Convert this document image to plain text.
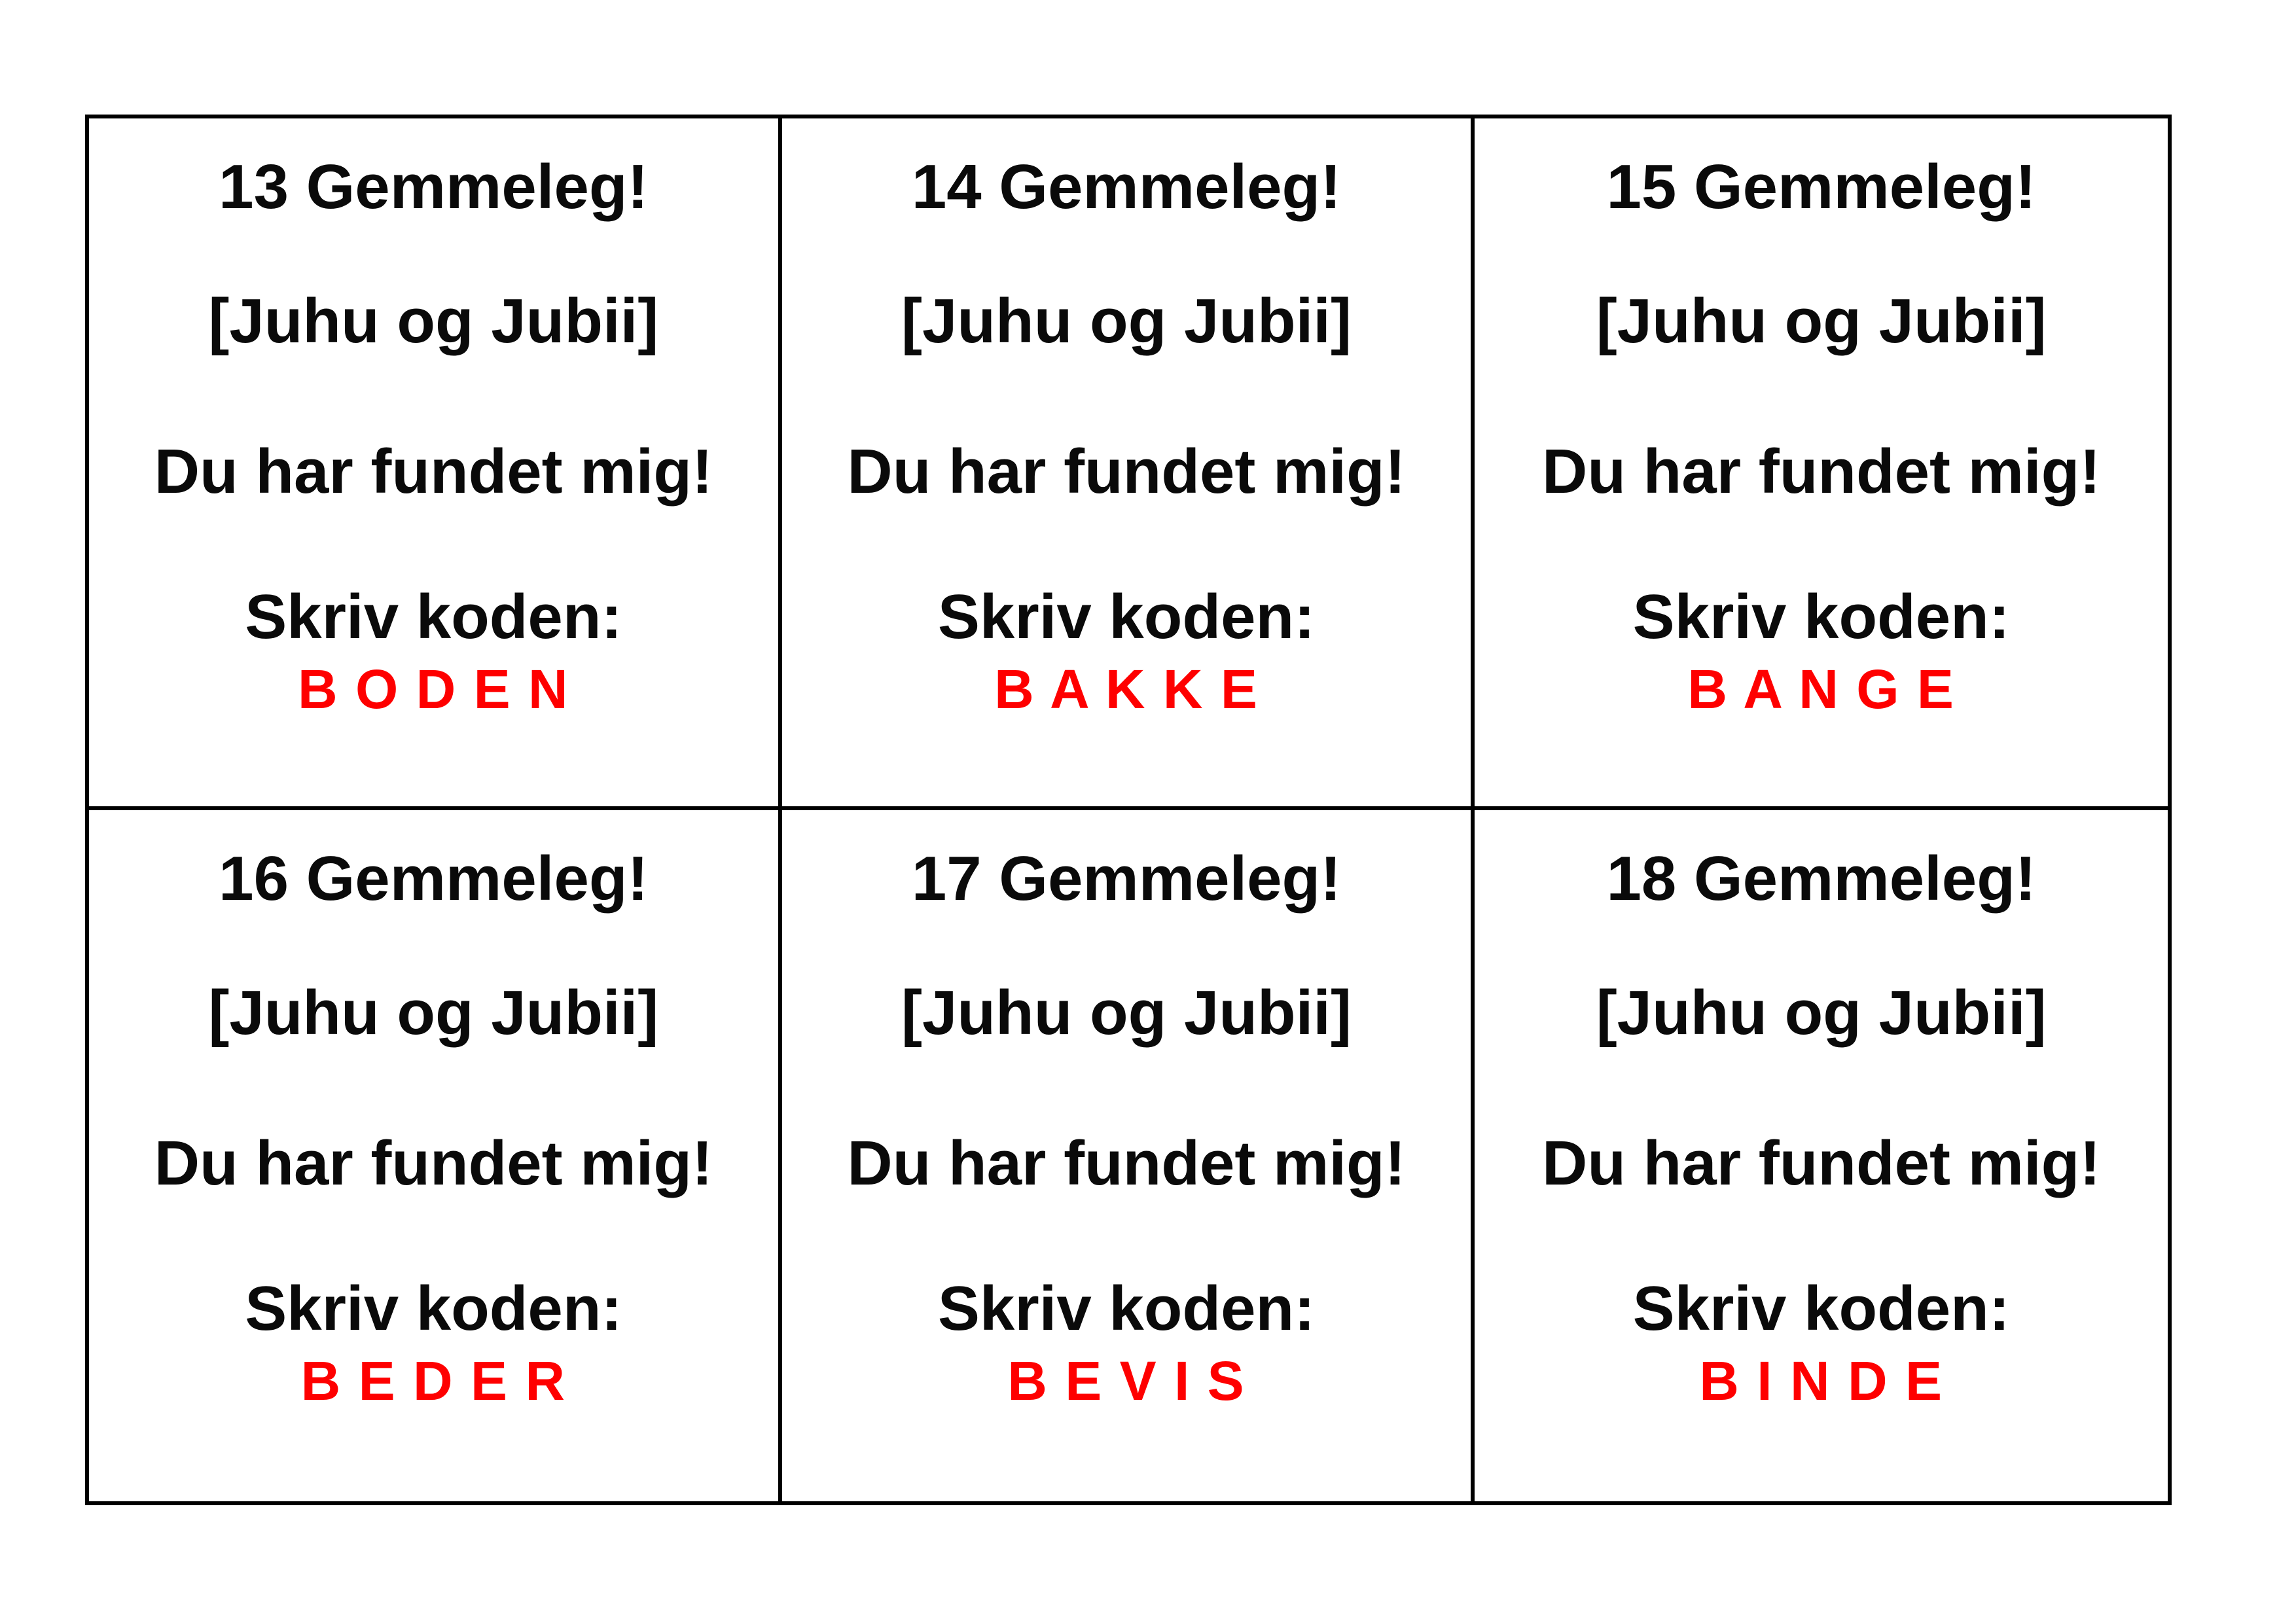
13 Gemmeleg!

[Juhu og Jubii]

Du har fundet mig!

Skriv koden:

B O D E N

14 Gemmeleg!

[Juhu og Jubii]

Du har fundet mig!

Skriv koden:

B A K K E

15 Gemmeleg!

[Juhu og Jubii]

Du har fundet mig!

Skriv koden:

B A N G E

16 Gemmeleg!

[Juhu og Jubii]

Du har fundet mig!

Skriv koden:

B E D E R

17 Gemmeleg!

[Juhu og Jubii]

Du har fundet mig!

Skriv koden:

B E V I S

18 Gemmeleg!

[Juhu og Jubii]

Du har fundet mig!

Skriv koden:

B I N D E
